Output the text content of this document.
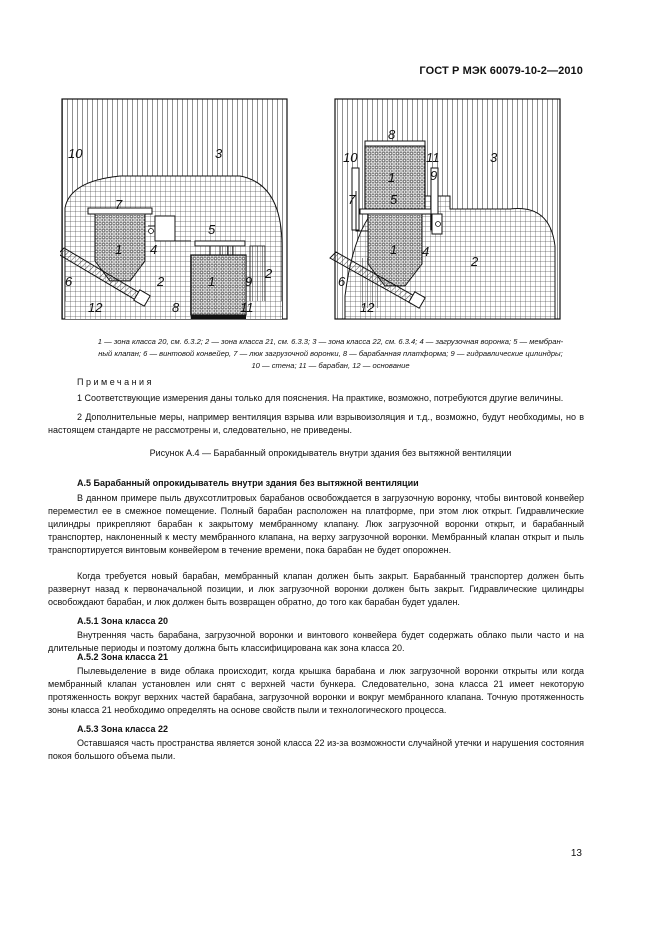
ГОСТ Р МЭК 60079-10-2—2010
10	3
7
5
1 4
2	1 9
2
6
12	8	11
8
10	11	3
1	9
7	5
1 4
2
6
12

1 — зона класса 20, см. 6.3.2; 2 — зона класса 21, см. 6.3.3; 3 — зона класса 22, см. 6.3.4; 4 — загрузочная воронка; 5 — мембран-

ный клапан; 6 — винтовой конвейер, 7 — люк загрузочной воронки, 8 — барабанная платформа; 9 — гидравлические цилиндры;

10 — стена; 11 — барабан, 12 — основание

Примечания
1 Соответствующие измерения даны только для пояснения. На практике, возможно, потребуются другие величины.
2 Дополнительные меры, например вентиляция взрыва или взрывоизоляция и т.д., возможно, будут необходимы, но в настоящем стандарте не рассмотрены и, следовательно, не приведены.
Рисунок А.4 — Барабанный опрокидыватель внутри здания без вытяжной вентиляции
А.5 Барабанный опрокидыватель внутри здания без вытяжной вентиляции
В данном примере пыль двухсотлитровых барабанов освобождается в загрузочную воронку, чтобы винтовой конвейер переместил ее в смежное помещение. Полный барабан расположен на платформе, при этом люк открыт. Гидравлические цилиндры прикрепляют барабан к закрытому мембранному клапану. Люк загрузочной воронки открыт, и барабанный транспортер, наклоненный к месту мембранного клапана, на верху загрузочной воронки. Мембранный клапан открыт и пыль транспортируется винтовым конвейером в течение времени, пока барабан не будет опорожнен.
Когда требуется новый барабан, мембранный клапан должен быть закрыт. Барабанный транспортер должен быть развернут назад к первоначальной позиции, и люк загрузочной воронки должен быть закрыт. Гидравлические цилиндры освобождают барабан, и люк должен быть возвращен обратно, до того как барабан будет удален.
А.5.1 Зона класса 20
Внутренняя часть барабана, загрузочной воронки и винтового конвейера будет содержать облако пыли часто и на длительные периоды и поэтому должна быть классифицирована как зона класса 20.
А.5.2 Зона класса 21
Пылевыделение в виде облака происходит, когда крышка барабана и люк загрузочной воронки открыты или когда мембранный клапан установлен или снят с верхней части бункера. Следовательно, зона класса 21 имеет некоторую протяженность вокруг верхних частей барабана, загрузочной воронки и вокруг мембранного клапана. Точную протяженность зоны класса 21 необходимо определять на основе свойств пыли и технологического процесса.
А.5.3 Зона класса 22
Оставшаяся часть пространства является зоной класса 22 из-за возможности случайной утечки и нарушения состояния покоя большого объема пыли.
13
